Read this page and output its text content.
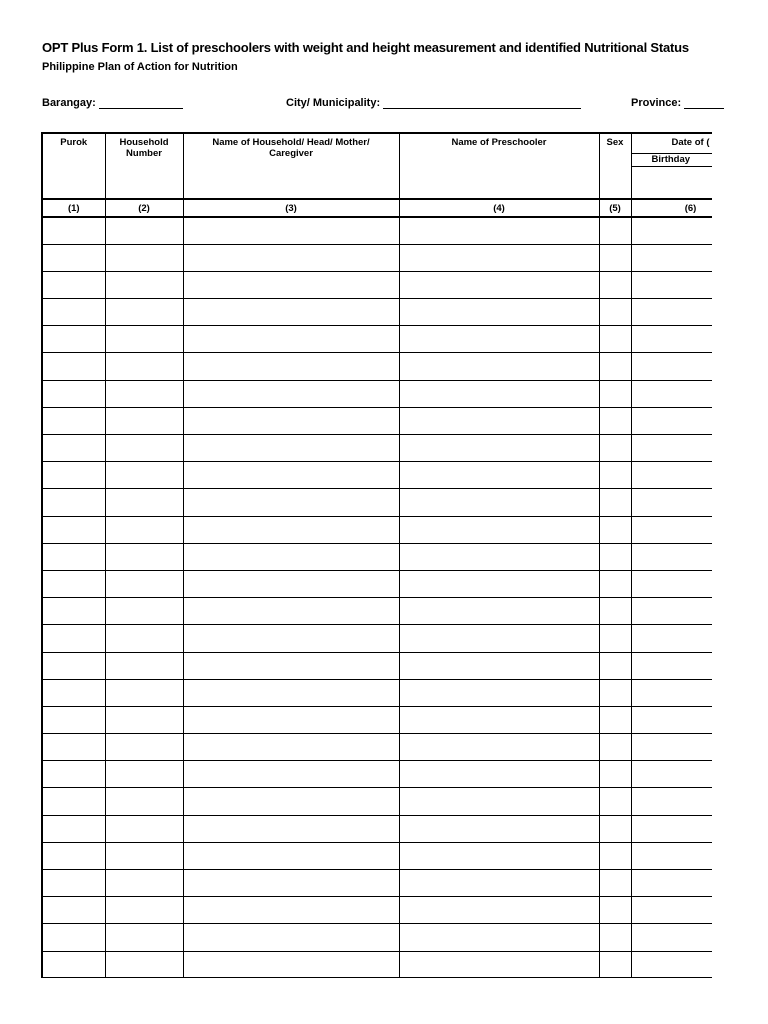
OPT Plus Form 1. List of preschoolers with weight and height measurement and identified Nutritional Status
Philippine Plan of Action for Nutrition
Barangay:	City/ Municipality:	Province:
Purok	Household Number	Name of Household/ Head/ Mother/ Caregiver	Name of Preschooler	Sex	Date of (

					Birthday

(1)	(2)	(3)	(4)	(5)	(6)
